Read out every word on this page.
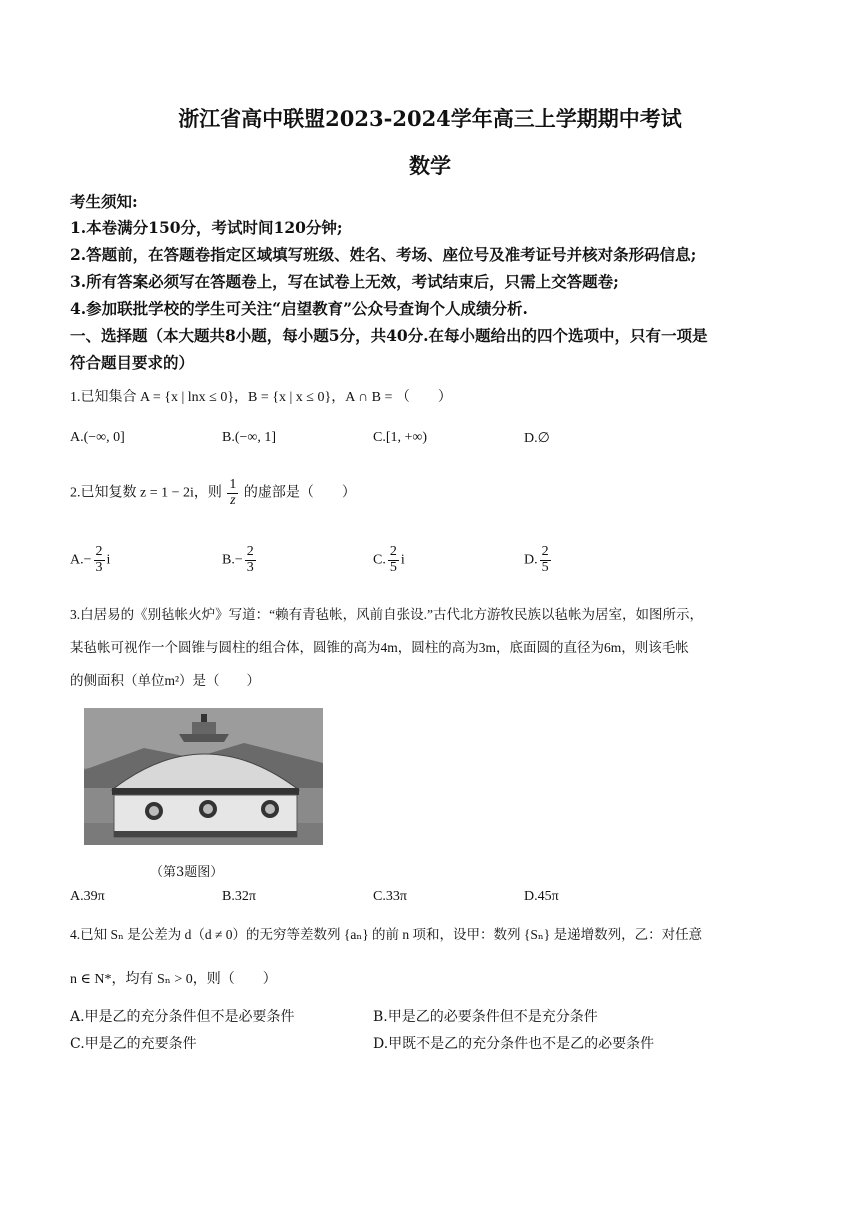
浙江省高中联盟2023-2024学年高三上学期期中考试
数学
考生须知:
1.本卷满分150分，考试时间120分钟;
2.答题前，在答题卷指定区域填写班级、姓名、考场、座位号及准考证号并核对条形码信息;
3.所有答案必须写在答题卷上，写在试卷上无效，考试结束后，只需上交答题卷;
4.参加联批学校的学生可关注“启望教育”公众号查询个人成绩分析.
一、选择题（本大题共8小题，每小题5分，共40分.在每小题给出的四个选项中，只有一项是
符合题目要求的）
1.已知集合 A = {x | lnx ≤ 0}，B = {x | x ≤ 0}，A ∩ B = （　　）
A.(−∞, 0]	B.(−∞, 1]	C.[1, +∞)	D.∅
2.已知复数 z = 1 − 2i，则 $\frac{1}{z}$ 的虚部是（　　）
$A.- \frac{2}{3}$ i	$B.- \frac{2}{3}$	C. $\frac{2}{5}$ i	D. $\frac{2}{5}$
3.白居易的《别毡帐火炉》写道：“赖有青毡帐，风前自张设.”古代北方游牧民族以毡帐为居室，如图所示，
某毡帐可视作一个圆锥与圆柱的组合体，圆锥的高为4m，圆柱的高为3m，底面圆的直径为6m，则该毛帐
的侧面积（单位m²）是（　　）
（第3题图）
A.39π	B.32π	C.33π	D.45π
4.已知 Sₙ 是公差为 d（d ≠ 0）的无穷等差数列 {aₙ} 的前 n 项和，设甲：数列 {Sₙ} 是递增数列，乙：对任意
n ∈ N*，均有 Sₙ > 0，则（　　）
A.甲是乙的充分条件但不是必要条件	B.甲是乙的必要条件但不是充分条件
C.甲是乙的充要条件	D.甲既不是乙的充分条件也不是乙的必要条件
